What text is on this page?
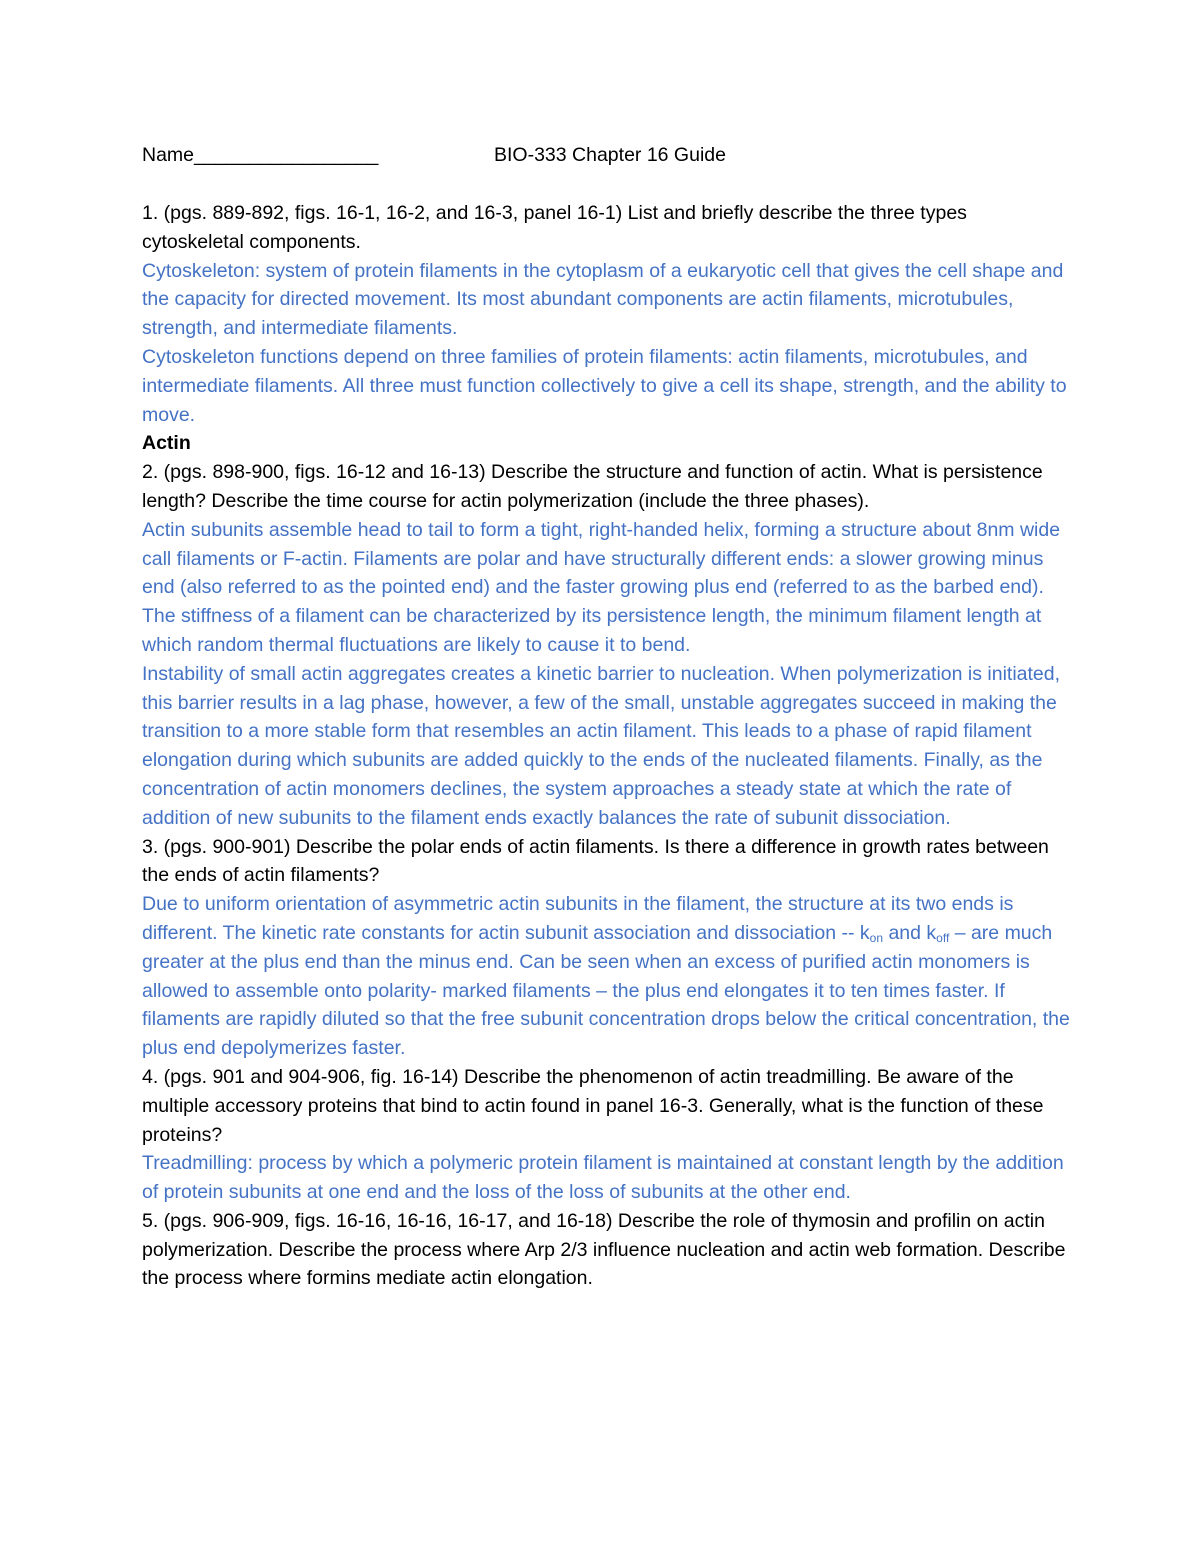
Name_________________	BIO-333 Chapter 16 Guide

1. (pgs. 889-892, figs. 16-1, 16-2, and 16-3, panel 16-1) List and briefly describe the three types cytoskeletal components.

Cytoskeleton: system of protein filaments in the cytoplasm of a eukaryotic cell that gives the cell shape and the capacity for directed movement. Its most abundant components are actin filaments, microtubules, strength, and intermediate filaments.

Cytoskeleton functions depend on three families of protein filaments: actin filaments, microtubules, and intermediate filaments. All three must function collectively to give a cell its shape, strength, and the ability to move.

Actin

2. (pgs. 898-900, figs. 16-12 and 16-13) Describe the structure and function of actin. What is persistence length? Describe the time course for actin polymerization (include the three phases).

Actin subunits assemble head to tail to form a tight, right-handed helix, forming a structure about 8nm wide call filaments or F-actin. Filaments are polar and have structurally different ends: a slower growing minus end (also referred to as the pointed end) and the faster growing plus end (referred to as the barbed end).

The stiffness of a filament can be characterized by its persistence length, the minimum filament length at which random thermal fluctuations are likely to cause it to bend.

Instability of small actin aggregates creates a kinetic barrier to nucleation. When polymerization is initiated, this barrier results in a lag phase, however, a few of the small, unstable aggregates succeed in making the transition to a more stable form that resembles an actin filament. This leads to a phase of rapid filament elongation during which subunits are added quickly to the ends of the nucleated filaments. Finally, as the concentration of actin monomers declines, the system approaches a steady state at which the rate of addition of new subunits to the filament ends exactly balances the rate of subunit dissociation.

3. (pgs. 900-901) Describe the polar ends of actin filaments. Is there a difference in growth rates between the ends of actin filaments?

Due to uniform orientation of asymmetric actin subunits in the filament, the structure at its two ends is different. The kinetic rate constants for actin subunit association and dissociation -- $k_{on}$ and $k_{off}$ – are much greater at the plus end than the minus end. Can be seen when an excess of purified actin monomers is allowed to assemble onto polarity- marked filaments – the plus end elongates it to ten times faster. If filaments are rapidly diluted so that the free subunit concentration drops below the critical concentration, the plus end depolymerizes faster.

4. (pgs. 901 and 904-906, fig. 16-14) Describe the phenomenon of actin treadmilling. Be aware of the multiple accessory proteins that bind to actin found in panel 16-3. Generally, what is the function of these proteins?

Treadmilling: process by which a polymeric protein filament is maintained at constant length by the addition of protein subunits at one end and the loss of the loss of subunits at the other end.

5. (pgs. 906-909, figs. 16-16, 16-16, 16-17, and 16-18) Describe the role of thymosin and profilin on actin polymerization. Describe the process where Arp 2/3 influence nucleation and actin web formation. Describe the process where formins mediate actin elongation.
